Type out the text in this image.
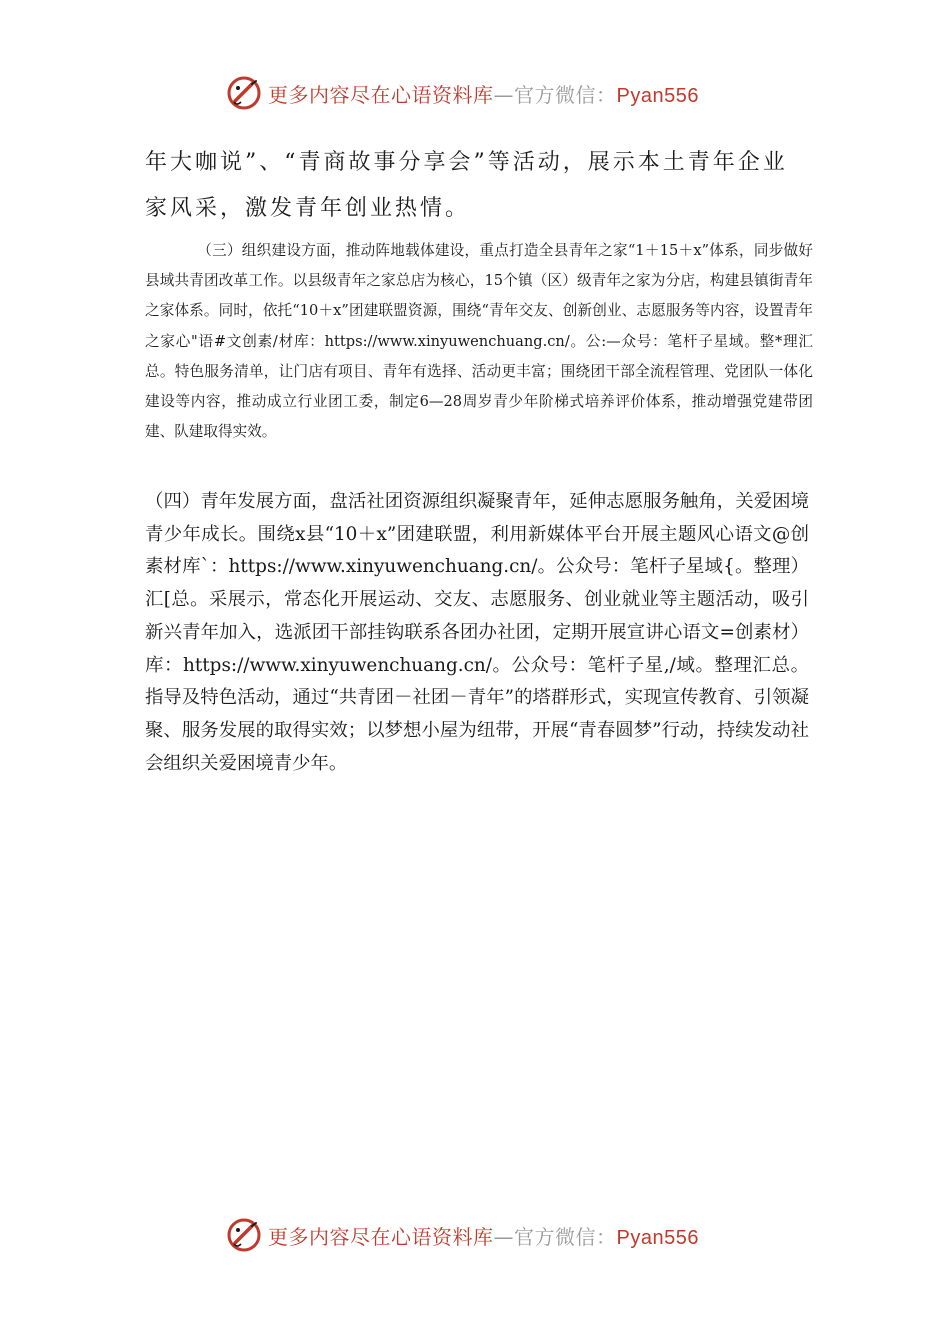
更多内容尽在心语资料库—官方微信：Pyan556

年大咖说”、“青商故事分享会”等活动，展示本土青年企业家风采，激发青年创业热情。

（三）组织建设方面，推动阵地载体建设，重点打造全县青年之家“1＋15＋x”体系，同步做好县域共青团改革工作。以县级青年之家总店为核心，15个镇（区）级青年之家为分店，构建县镇街青年之家体系。同时，依托“10＋x”团建联盟资源，围绕“青年交友、创新创业、志愿服务等内容，设置青年之家心"语#文创素/材库：https://www.xinyuwenchuang.cn/。公:—众号：笔杆子星域。整*理汇总。特色服务清单，让门店有项目、青年有选择、活动更丰富；围绕团干部全流程管理、党团队一体化建设等内容，推动成立行业团工委，制定6—28周岁青少年阶梯式培养评价体系，推动增强党建带团建、队建取得实效。

（四）青年发展方面，盘活社团资源组织凝聚青年，延伸志愿服务触角，关爱困境青少年成长。围绕x县“10＋x”团建联盟，利用新媒体平台开展主题风心语文@创素材库`：https://www.xinyuwenchuang.cn/。公众号：笔杆子星域{。整理）汇[总。采展示，常态化开展运动、交友、志愿服务、创业就业等主题活动，吸引新兴青年加入，选派团干部挂钩联系各团办社团，定期开展宣讲心语文=创素材）库：https://www.xinyuwenchuang.cn/。公众号：笔杆子星,/域。整理汇总。指导及特色活动，通过“共青团－社团－青年”的塔群形式，实现宣传教育、引领凝聚、服务发展的取得实效；以梦想小屋为纽带，开展“青春圆梦”行动，持续发动社会组织关爱困境青少年。

更多内容尽在心语资料库—官方微信：Pyan556
